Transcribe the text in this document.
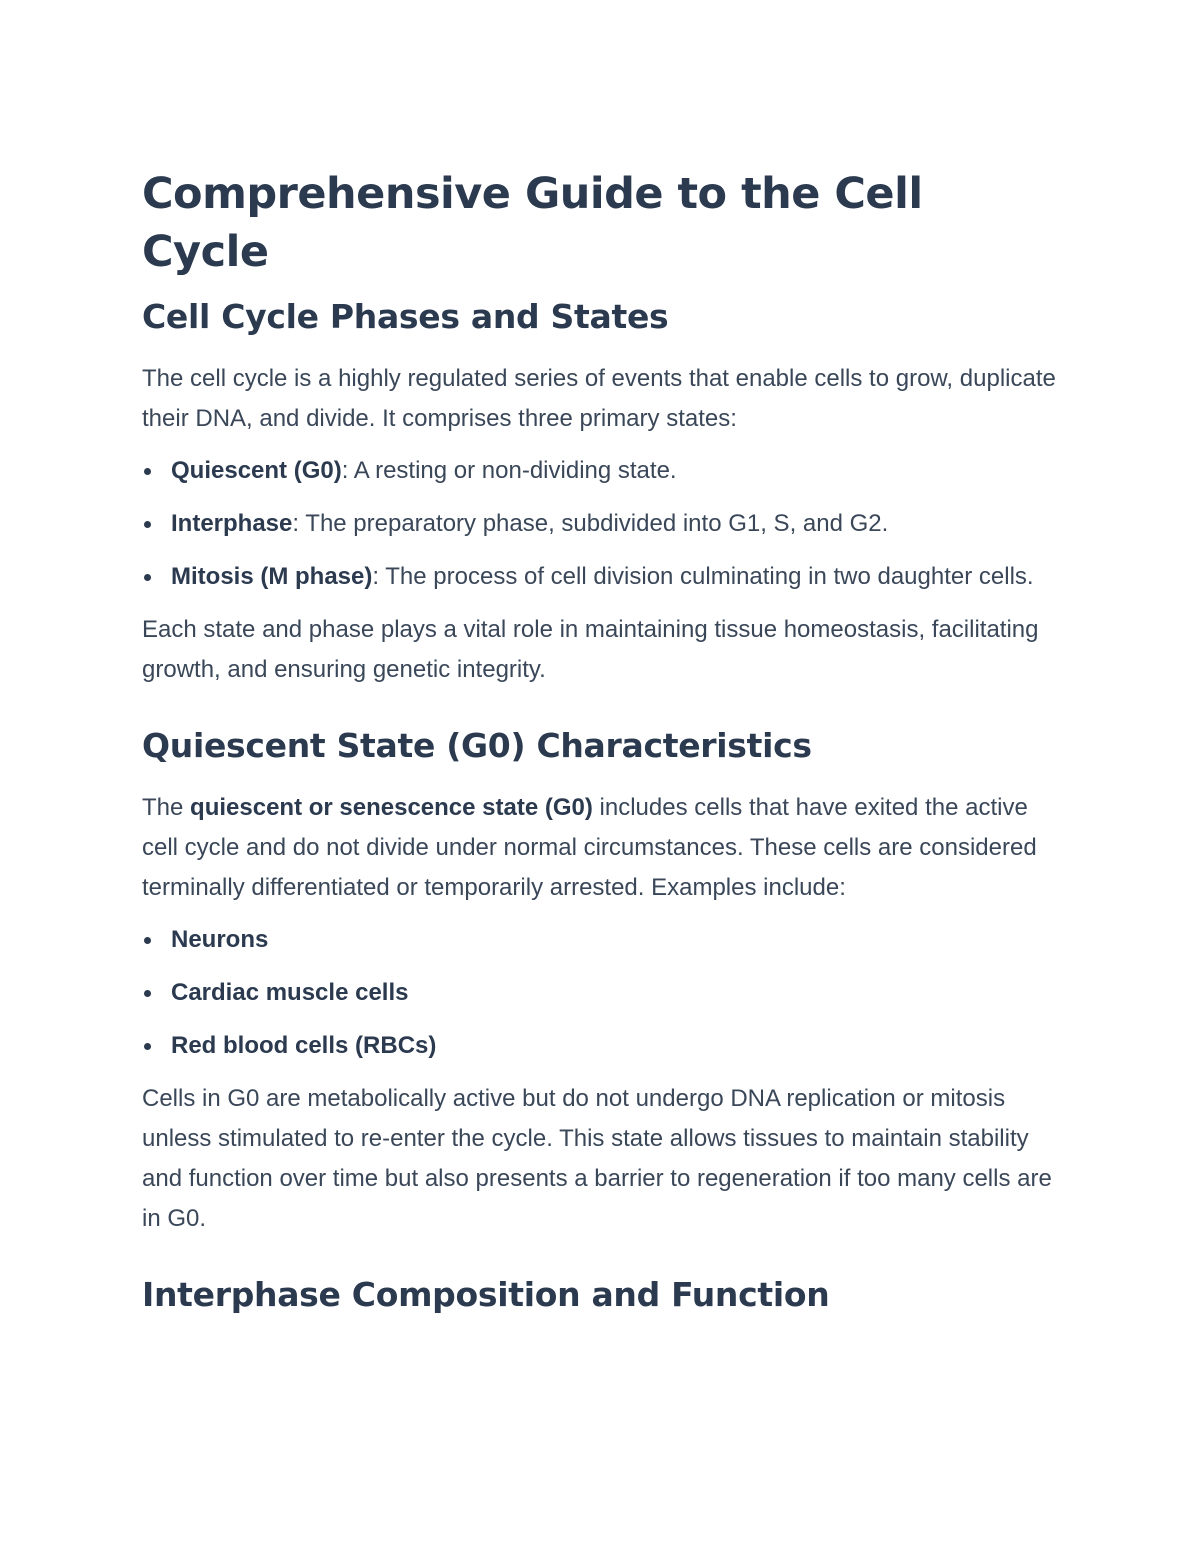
Comprehensive Guide to the Cell Cycle
Cell Cycle Phases and States

The cell cycle is a highly regulated series of events that enable cells to grow, duplicate their DNA, and divide. It comprises three primary states:

Quiescent (G0): A resting or non-dividing state.
Interphase: The preparatory phase, subdivided into G1, S, and G2.
Mitosis (M phase): The process of cell division culminating in two daughter cells.

Each state and phase plays a vital role in maintaining tissue homeostasis, facilitating growth, and ensuring genetic integrity.

Quiescent State (G0) Characteristics

The quiescent or senescence state (G0) includes cells that have exited the active cell cycle and do not divide under normal circumstances. These cells are considered terminally differentiated or temporarily arrested. Examples include:

Neurons
Cardiac muscle cells
Red blood cells (RBCs)

Cells in G0 are metabolically active but do not undergo DNA replication or mitosis unless stimulated to re-enter the cycle. This state allows tissues to maintain stability and function over time but also presents a barrier to regeneration if too many cells are in G0.

Interphase Composition and Function
